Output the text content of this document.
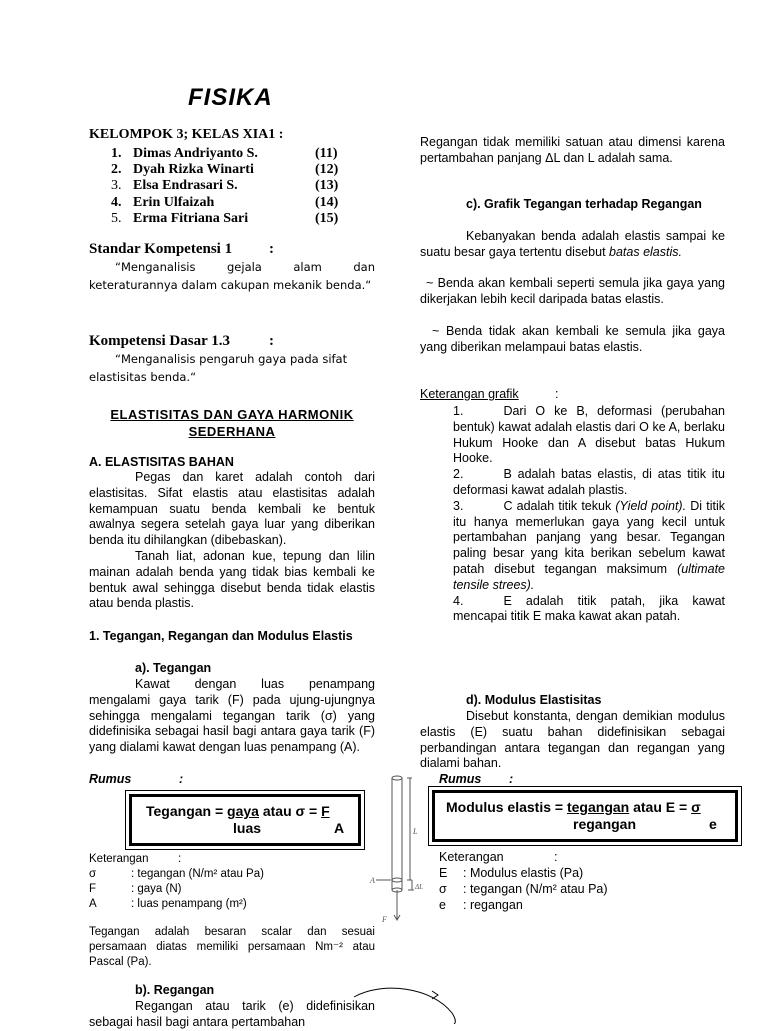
FISIKA
KELOMPOK 3; KELAS XIA1 :
1. Dimas Andriyanto S.	(11)
2. Dyah Rizka Winarti	(12)
3. Elsa Endrasari S.	(13)
4. Erin Ulfaizah	(14)
5. Erma Fitriana Sari	(15)
Standar Kompetensi 1 :
“Menganalisis gejala alam dan keteraturannya dalam cakupan mekanik benda.“
Kompetensi Dasar 1.3	:
“Menganalisis pengaruh gaya pada sifat elastisitas benda.“
ELASTISITAS DAN GAYA HARMONIK
SEDERHANA
A. ELASTISITAS BAHAN
Pegas dan karet adalah contoh dari elastisitas. Sifat elastis atau elastisitas adalah kemampuan suatu benda kembali ke bentuk awalnya segera setelah gaya luar yang diberikan benda itu dihilangkan (dibebaskan).
Tanah liat, adonan kue, tepung dan lilin mainan adalah benda yang tidak bias kembali ke bentuk awal sehingga disebut benda tidak elastis atau benda plastis.
1. Tegangan, Regangan dan Modulus Elastis
a). Tegangan
Kawat dengan luas penampang mengalami gaya tarik (F) pada ujung-ujungnya sehingga mengalami tegangan tarik (σ) yang didefinisika sebagai hasil bagi antara gaya tarik (F) yang dialami kawat dengan luas penampang (A).
Rumus	:
Tegangan = gaya atau σ = F
luas	A
Keterangan	:
σ	: tegangan (N/m² atau Pa)
F	: gaya (N)
A	: luas penampang (m²)
Tegangan adalah besaran scalar dan sesuai persamaan diatas memiliki persamaan Nm⁻² atau Pascal (Pa).
b). Regangan
Regangan atau tarik (e) didefinisikan sebagai hasil bagi antara pertambahan
L
A
ΔL
F
Regangan tidak memiliki satuan atau dimensi karena pertambahan panjang ΔL dan L adalah sama.
c). Grafik Tegangan terhadap Regangan
Kebanyakan benda adalah elastis sampai ke suatu besar gaya tertentu disebut batas elastis.
~ Benda akan kembali seperti semula jika gaya yang dikerjakan lebih kecil daripada batas elastis.
~ Benda tidak akan kembali ke semula jika gaya yang diberikan melampaui batas elastis.
Keterangan grafik	:
1.	Dari O ke B, deformasi (perubahan bentuk) kawat adalah elastis dari O ke A, berlaku Hukum Hooke dan A disebut batas Hukum Hooke.
2.	B adalah batas elastis, di atas titik itu deformasi kawat adalah plastis.
3.	C adalah titik tekuk (Yield point). Di titik itu hanya memerlukan gaya yang kecil untuk pertambahan panjang yang besar. Tegangan paling besar yang kita berikan sebelum kawat patah disebut tegangan maksimum (ultimate tensile strees).
4.	E adalah titik patah, jika kawat mencapai titik E maka kawat akan patah.
d). Modulus Elastisitas
Disebut konstanta, dengan demikian modulus elastis (E) suatu bahan didefinisikan sebagai perbandingan antara tegangan dan regangan yang dialami bahan.
Rumus :
Modulus elastis = tegangan atau E = σ
regangan	e
Keterangan	:
E : Modulus elastis (Pa)
σ : tegangan (N/m² atau Pa)
e : regangan
